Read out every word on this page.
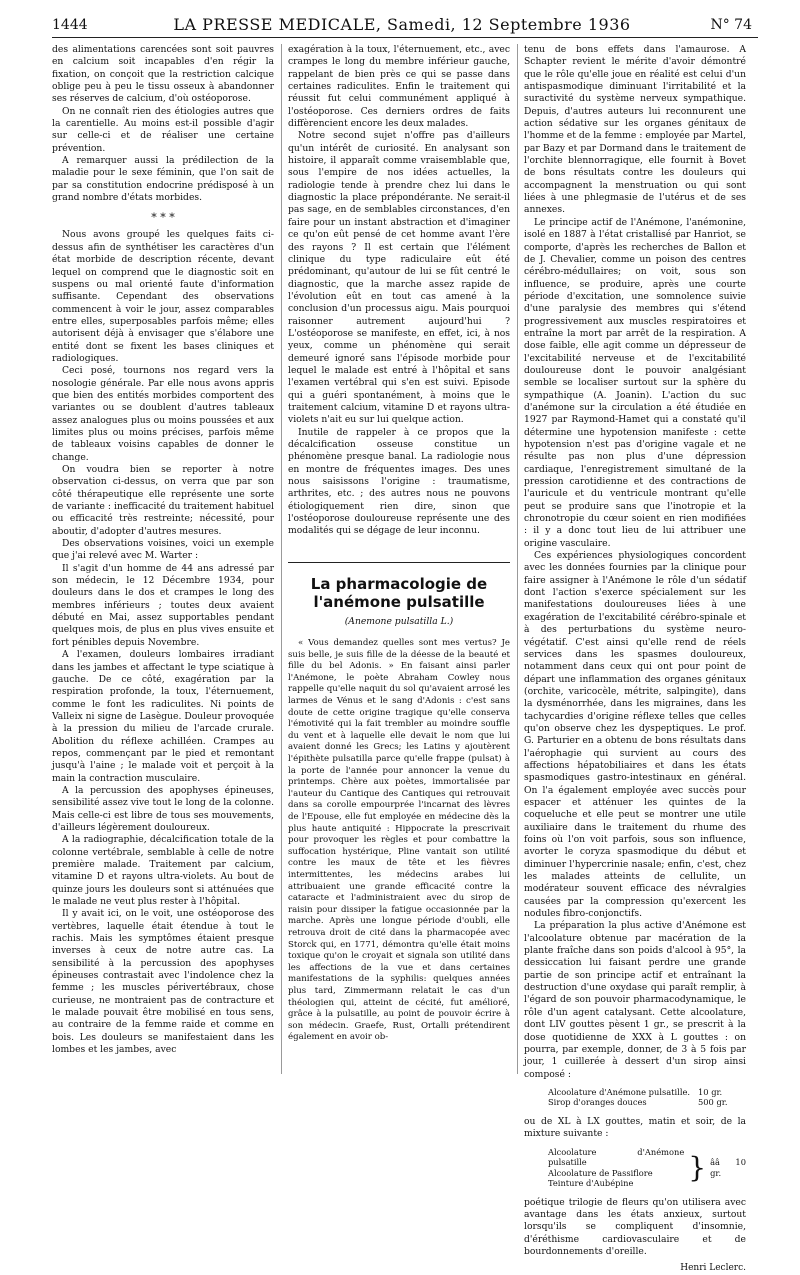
1444	LA PRESSE MEDICALE, Samedi, 12 Septembre 1936	N° 74

des alimentations carencées sont soit pauvres en calcium soit incapables d'en régir la fixation, on conçoit que la restriction calcique oblige peu à peu le tissu osseux à abandonner ses réserves de calcium, d'où ostéoporose.

On ne connaît rien des étiologies autres que la carentielle. Au moins est-il possible d'agir sur celle-ci et de réaliser une certaine prévention.

A remarquer aussi la prédilection de la maladie pour le sexe féminin, que l'on sait de par sa constitution endocrine prédisposé à un grand nombre d'états morbides.

* * *

Nous avons groupé les quelques faits ci-dessus afin de synthétiser les caractères d'un état morbide de description récente, devant lequel on comprend que le diagnostic soit en suspens ou mal orienté faute d'information suffisante. Cependant des observations commencent à voir le jour, assez comparables entre elles, superposables parfois même; elles autorisent déjà à envisager que s'élabore une entité dont se fixent les bases cliniques et radiologiques.

Ceci posé, tournons nos regard vers la nosologie générale. Par elle nous avons appris que bien des entités morbides comportent des variantes ou se doublent d'autres tableaux assez analogues plus ou moins poussées et aux limites plus ou moins précises, parfois même de tableaux voisins capables de donner le change.

On voudra bien se reporter à notre observation ci-dessus, on verra que par son côté thérapeutique elle représente une sorte de variante : inefficacité du traitement habituel ou efficacité très restreinte; nécessité, pour aboutir, d'adopter d'autres mesures.

Des observations voisines, voici un exemple que j'ai relevé avec M. Warter :

Il s'agit d'un homme de 44 ans adressé par son médecin, le 12 Décembre 1934, pour douleurs dans le dos et crampes le long des membres inférieurs ; toutes deux avaient débuté en Mai, assez supportables pendant quelques mois, de plus en plus vives ensuite et fort pénibles depuis Novembre.

A l'examen, douleurs lombaires irradiant dans les jambes et affectant le type sciatique à gauche. De ce côté, exagération par la respiration profonde, la toux, l'éternuement, comme le font les radiculites. Ni points de Valleix ni signe de Lasègue. Douleur provoquée à la pression du milieu de l'arcade crurale. Abolition du réflexe achilléen. Crampes au repos, commençant par le pied et remontant jusqu'à l'aine ; le malade voit et perçoit à la main la contraction musculaire.

A la percussion des apophyses épineuses, sensibilité assez vive tout le long de la colonne. Mais celle-ci est libre de tous ses mouvements, d'ailleurs légèrement douloureux.

A la radiographie, décalcification totale de la colonne vertébrale, semblable à celle de notre première malade. Traitement par calcium, vitamine D et rayons ultra-violets. Au bout de quinze jours les douleurs sont si atténuées que le malade ne veut plus rester à l'hôpital.

Il y avait ici, on le voit, une ostéoporose des vertèbres, laquelle était étendue à tout le rachis. Mais les symptômes étaient presque inverses à ceux de notre autre cas. La sensibilité à la percussion des apophyses épineuses contrastait avec l'indolence chez la femme ; les muscles périvertébraux, chose curieuse, ne montraient pas de contracture et le malade pouvait être mobilisé en tous sens, au contraire de la femme raide et comme en bois. Les douleurs se manifestaient dans les lombes et les jambes, avec

exagération à la toux, l'éternuement, etc., avec crampes le long du membre inférieur gauche, rappelant de bien près ce qui se passe dans certaines radiculites. Enfin le traitement qui réussit fut celui communément appliqué à l'ostéoporose. Ces derniers ordres de faits diffèrencient encore les deux malades.

Notre second sujet n'offre pas d'ailleurs qu'un intérêt de curiosité. En analysant son histoire, il apparaît comme vraisemblable que, sous l'empire de nos idées actuelles, la radiologie tende à prendre chez lui dans le diagnostic la place prépondérante. Ne serait-il pas sage, en de semblables circonstances, d'en faire pour un instant abstraction et d'imaginer ce qu'on eût pensé de cet homme avant l'ère des rayons ? Il est certain que l'élément clinique du type radiculaire eût été prédominant, qu'autour de lui se fût centré le diagnostic, que la marche assez rapide de l'évolution eût en tout cas amené à la conclusion d'un processus aigu. Mais pourquoi raisonner autrement aujourd'hui ? L'ostéoporose se manifeste, en effet, ici, à nos yeux, comme un phénomène qui serait demeuré ignoré sans l'épisode morbide pour lequel le malade est entré à l'hôpital et sans l'examen vertébral qui s'en est suivi. Episode qui a guéri spontanément, à moins que le traitement calcium, vitamine D et rayons ultra-violets n'ait eu sur lui quelque action.

Inutile de rappeler à ce propos que la décalcification osseuse constitue un phénomène presque banal. La radiologie nous en montre de fréquentes images. Des unes nous saisissons l'origine : traumatisme, arthrites, etc. ; des autres nous ne pouvons étiologiquement rien dire, sinon que l'ostéoporose douloureuse représente une des modalités qui se dégage de leur inconnu.

La pharmacologie de l'anémone pulsatille
(Anemone pulsatilla L.)

« Vous demandez quelles sont mes vertus? Je suis belle, je suis fille de la déesse de la beauté et fille du bel Adonis. » En faisant ainsi parler l'Anémone, le poète Abraham Cowley nous rappelle qu'elle naquit du sol qu'avaient arrosé les larmes de Vénus et le sang d'Adonis : c'est sans doute de cette origine tragique qu'elle conserva l'émotivité qui la fait trembler au moindre souffle du vent et à laquelle elle devait le nom que lui avaient donné les Grecs; les Latins y ajoutèrent l'épithète pulsatilla parce qu'elle frappe (pulsat) à la porte de l'année pour annoncer la venue du printemps. Chère aux poètes, immortalisée par l'auteur du Cantique des Cantiques qui retrouvait dans sa corolle empourprée l'incarnat des lèvres de l'Epouse, elle fut employée en médecine dès la plus haute antiquité : Hippocrate la prescrivait pour provoquer les règles et pour combattre la suffocation hystérique, Pline vantait son utilité contre les maux de tête et les fièvres intermittentes, les médecins arabes lui attribuaient une grande efficacité contre la cataracte et l'administraient avec du sirop de raisin pour dissiper la fatigue occasionnée par la marche. Après une longue période d'oubli, elle retrouva droit de cité dans la pharmacopée avec Storck qui, en 1771, démontra qu'elle était moins toxique qu'on le croyait et signala son utilité dans les affections de la vue et dans certaines manifestations de la syphilis: quelques années plus tard, Zimmermann relatait le cas d'un théologien qui, atteint de cécité, fut amélioré, grâce à la pulsatille, au point de pouvoir écrire à son médecin. Graefe, Rust, Ortalli prétendirent également en avoir ob-

tenu de bons effets dans l'amaurose. A Schapter revient le mérite d'avoir démontré que le rôle qu'elle joue en réalité est celui d'un antispasmodique diminuant l'irritabilité et la suractivité du système nerveux sympathique. Depuis, d'autres auteurs lui reconnurent une action sédative sur les organes génitaux de l'homme et de la femme : employée par Martel, par Bazy et par Dormand dans le traitement de l'orchite blennorragique, elle fournit à Bovet de bons résultats contre les douleurs qui accompagnent la menstruation ou qui sont liées à une phlegmasie de l'utérus et de ses annexes.

Le principe actif de l'Anémone, l'anémonine, isolé en 1887 à l'état cristallisé par Hanriot, se comporte, d'après les recherches de Ballon et de J. Chevalier, comme un poison des centres cérébro-médullaires; on voit, sous son influence, se produire, après une courte période d'excitation, une somnolence suivie d'une paralysie des membres qui s'étend progressivement aux muscles respiratoires et entraîne la mort par arrêt de la respiration. A dose faible, elle agit comme un dépresseur de l'excitabilité nerveuse et de l'excitabilité douloureuse dont le pouvoir analgésiant semble se localiser surtout sur la sphère du sympathique (A. Joanin). L'action du suc d'anémone sur la circulation a été étudiée en 1927 par Raymond-Hamet qui a constaté qu'il détermine une hypotension manifeste : cette hypotension n'est pas d'origine vagale et ne résulte pas non plus d'une dépression cardiaque, l'enregistrement simultané de la pression carotidienne et des contractions de l'auricule et du ventricule montrant qu'elle peut se produire sans que l'inotropie et la chronotropie du cœur soient en rien modifiées : il y a donc tout lieu de lui attribuer une origine vasculaire.

Ces expériences physiologiques concordent avec les données fournies par la clinique pour faire assigner à l'Anémone le rôle d'un sédatif dont l'action s'exerce spécialement sur les manifestations douloureuses liées à une exagération de l'excitabilité cérébro-spinale et à des perturbations du système neuro-végétatif. C'est ainsi qu'elle rend de réels services dans les spasmes douloureux, notamment dans ceux qui ont pour point de départ une inflammation des organes génitaux (orchite, varicocèle, métrite, salpingite), dans la dysménorrhée, dans les migraines, dans les tachycardies d'origine réflexe telles que celles qu'on observe chez les dyspeptiques. Le prof. G. Parturier en a obtenu de bons résultats dans l'aérophagie qui survient au cours des affections hépatobiliaires et dans les états spasmodiques gastro-intestinaux en général. On l'a également employée avec succès pour espacer et atténuer les quintes de la coqueluche et elle peut se montrer une utile auxiliaire dans le traitement du rhume des foins où l'on voit parfois, sous son influence, avorter le coryza spasmodique du début et diminuer l'hypercrinie nasale; enfin, c'est, chez les malades atteints de cellulite, un modérateur souvent efficace des névralgies causées par la compression qu'exercent les nodules fibro-conjonctifs.

La préparation la plus active d'Anémone est l'alcoolature obtenue par macération de la plante fraîche dans son poids d'alcool à 95°, la dessiccation lui faisant perdre une grande partie de son principe actif et entraînant la destruction d'une oxydase qui paraît remplir, à l'égard de son pouvoir pharmacodynamique, le rôle d'un agent catalysant. Cette alcoolature, dont LIV gouttes pèsent 1 gr., se prescrit à la dose quotidienne de XXX à L gouttes : on pourra, par exemple, donner, de 3 à 5 fois par jour, 1 cuillerée à dessert d'un sirop ainsi composé :

Alcoolature d'Anémone pulsatille. 10 gr.
Sirop d'oranges douces	500 gr.

ou de XL à LX gouttes, matin et soir, de la mixture suivante :

Alcoolature d'Anémone pulsatille
Alcoolature de Passiflore
Teinture d'Aubépine	} ââ 10 gr.

poétique trilogie de fleurs qu'on utilisera avec avantage dans les états anxieux, surtout lorsqu'ils se compliquent d'insomnie, d'éréthisme cardiovasculaire et de bourdonnements d'oreille.

Henri Leclerc.
